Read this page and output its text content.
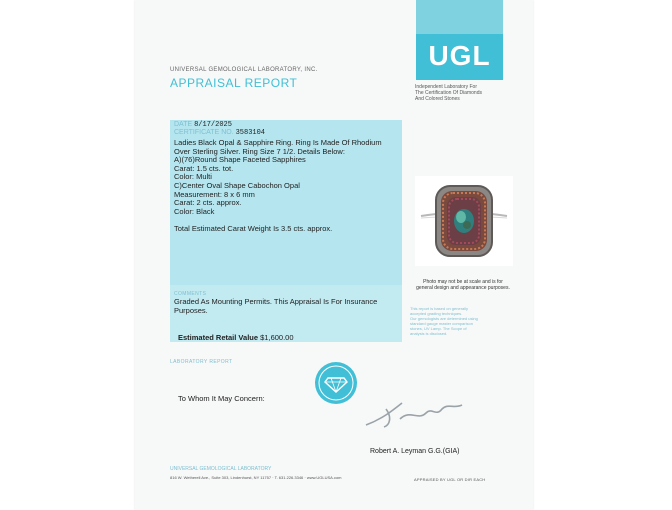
UGL
Independent Laboratory For
The Certification Of Diamonds
And Colored Stones
UNIVERSAL GEMOLOGICAL LABORATORY, INC.
APPRAISAL REPORT
DATE 8/17/2025
CERTIFICATE NO. 3583104
Ladies Black Opal & Sapphire Ring. Ring Is Made Of Rhodium
Over Sterling Silver. Ring Size 7 1/2. Details Below:
A)(76)Round Shape Faceted Sapphires
Carat: 1.5 cts. tot.
Color: Multi
C)Center Oval Shape Cabochon Opal
Measurement: 8 x 6 mm
Carat: 2 cts. approx.
Color: Black
Total Estimated Carat Weight Is 3.5 cts. approx.
COMMENTS
Graded As Mounting Permits. This Appraisal Is For Insurance Purposes.
Estimated Retail Value $1,600.00
Photo may not be at scale and is for
general design and appearance purposes.
This report is based on generally
accepted grading techniques.
Our gemologists are determined using
standard gauge master comparison
stones, UV Lamp. The Scope of
analysis is disclosed.
LABORATORY REPORT
To Whom It May Concern:
Robert A. Leyman G.G.(GIA)
UNIVERSAL GEMOLOGICAL LABORATORY
816 W. Wetherell Ave., Suite 303, Lindenhurst, NY 11757 · T. 631.226.3346 · www.UGLUSA.com	APPRAISED BY UGL OR DIR EACH
